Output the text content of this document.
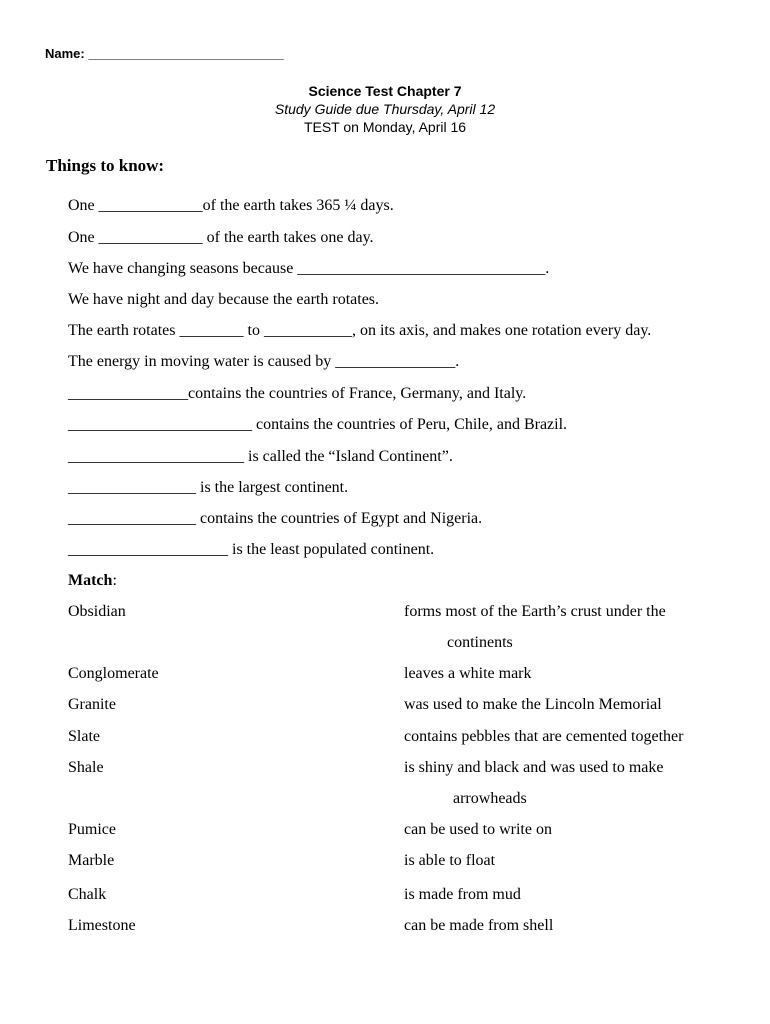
Name: ___________________________
Science Test Chapter 7
Study Guide due Thursday, April 12
TEST on Monday, April 16
Things to know:
One _____________of the earth takes 365 ¼ days.
One _____________ of the earth takes one day.
We have changing seasons because _______________________________.
We have night and day because the earth rotates.
The earth rotates ________ to ___________, on its axis, and makes one rotation every day.
The energy in moving water is caused by _______________.
_______________contains the countries of France, Germany, and Italy.
_______________________ contains the countries of Peru, Chile, and Brazil.
______________________ is called the “Island Continent”.
________________ is the largest continent.
________________ contains the countries of Egypt and Nigeria.
____________________ is the least populated continent.
Match:
Obsidian
Conglomerate
Granite
Slate
Shale
Pumice
Marble
Chalk
Limestone
forms most of the Earth’s crust under the
continents
leaves a white mark
was used to make the Lincoln Memorial
contains pebbles that are cemented together
is shiny and black and was used to make
arrowheads
can be used to write on
is able to float
is made from mud
can be made from shell
